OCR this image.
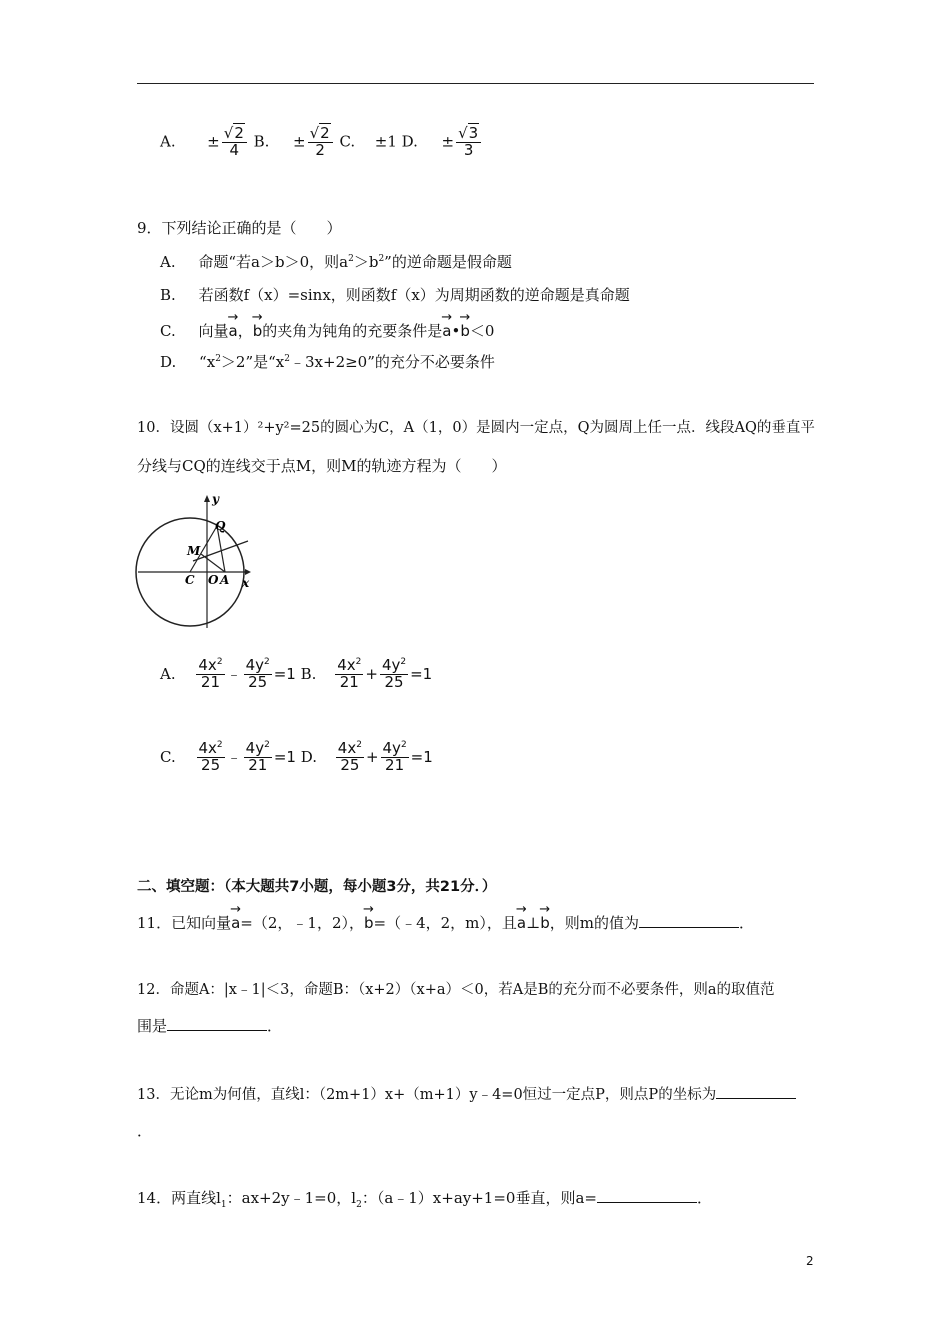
A. ± $\frac{√2}{4} B$. ± $\frac{√2}{2} C$. ±1 D. ± $\frac{√3}{3}$
9．下列结论正确的是（　　）
A. 命题“若a＞b＞0，则$a^2>b^2$”的逆命题是假命题
B. 若函数f（x）=sinx，则函数f（x）为周期函数的逆命题是真命题
C. 向量→ a，→ b的夹角为钝角的充要条件是→ a•→ b＜0
D. “$x^2>2$”是“$x^2﹣3x+2\ge 0$”的充分不必要条件
10．设圆（x+1）²+y²=25的圆心为C，A（1，0）是圆内一定点，Q为圆周上任一点．线段AQ的垂直平
分线与CQ的连线交于点M，则M的轨迹方程为（　　）
y
Q
M
C O A x
A. $\frac{4x^2}{21}$ ﹣ $\frac{4y^2}{25} =1$ B. $\frac{4x^2}{21} + \frac{4y^2}{25} =1$
C. $\frac{4x^2}{25}$ ﹣ $\frac{4y^2}{21} =1$ D. $\frac{4x^2}{25} + \frac{4y^2}{21} =1$
二、填空题：（本大题共7小题，每小题3分，共21分．）
11．已知向量→ a=（2，﹣1，2），→ b=（﹣4，2，m），且→ a⊥→ b，则m的值为	．
12．命题A：|x﹣1|＜3，命题B：（x+2）（x+a）＜0，若A是B的充分而不必要条件，则a的取值范
围是	．
13．无论m为何值，直线l：（2m+1）x+（m+1）y﹣4=0恒过一定点P，则点P的坐标为
．
14．两直线$l_1$：ax+2y﹣1=0，$l_2$：（a﹣1）x+ay+1=0垂直，则a=	．
2
